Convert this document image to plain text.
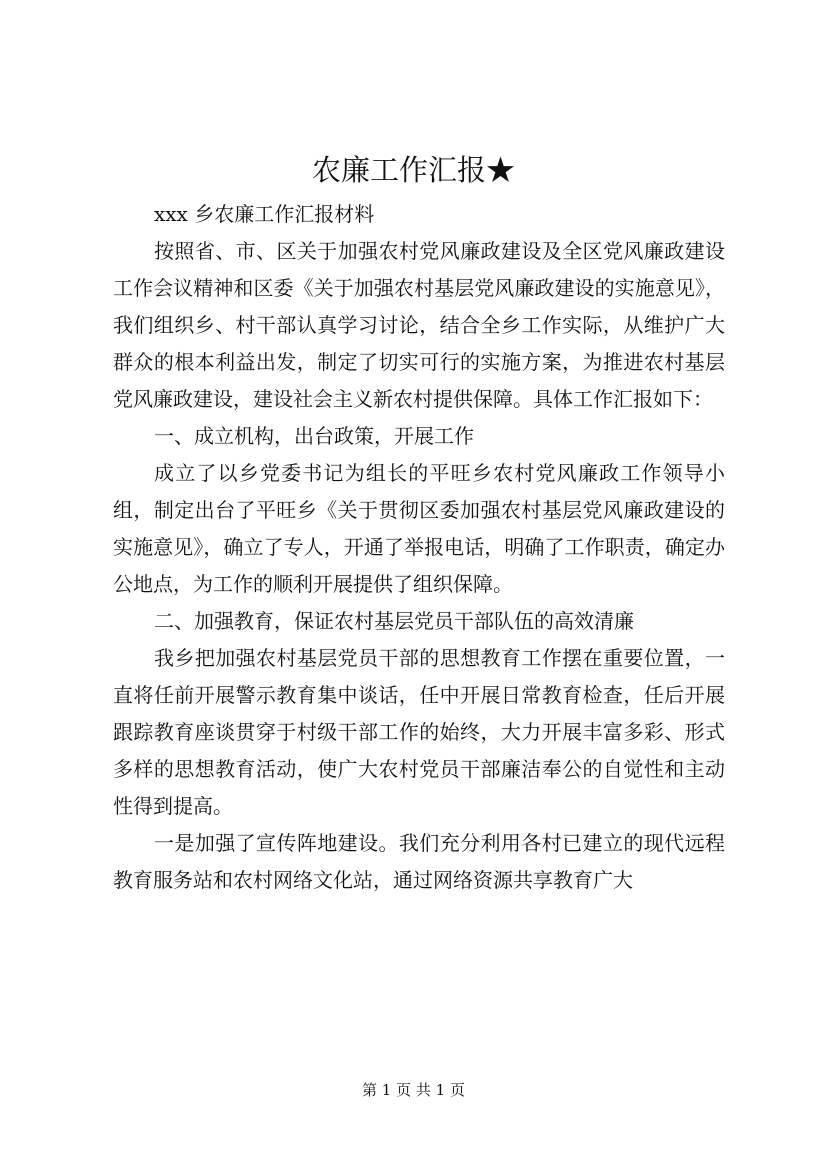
农廉工作汇报★

xxx 乡农廉工作汇报材料

按照省、市、区关于加强农村党风廉政建设及全区党风廉政建设工作会议精神和区委《关于加强农村基层党风廉政建设的实施意见》，我们组织乡、村干部认真学习讨论，结合全乡工作实际，从维护广大群众的根本利益出发，制定了切实可行的实施方案，为推进农村基层党风廉政建设，建设社会主义新农村提供保障。具体工作汇报如下：

一、成立机构，出台政策，开展工作

成立了以乡党委书记为组长的平旺乡农村党风廉政工作领导小组，制定出台了平旺乡《关于贯彻区委加强农村基层党风廉政建设的实施意见》，确立了专人，开通了举报电话，明确了工作职责，确定办公地点，为工作的顺利开展提供了组织保障。

二、加强教育，保证农村基层党员干部队伍的高效清廉

我乡把加强农村基层党员干部的思想教育工作摆在重要位置，一直将任前开展警示教育集中谈话，任中开展日常教育检查，任后开展跟踪教育座谈贯穿于村级干部工作的始终，大力开展丰富多彩、形式多样的思想教育活动，使广大农村党员干部廉洁奉公的自觉性和主动性得到提高。

一是加强了宣传阵地建设。我们充分利用各村已建立的现代远程教育服务站和农村网络文化站，通过网络资源共享教育广大

第 1 页 共 1 页
